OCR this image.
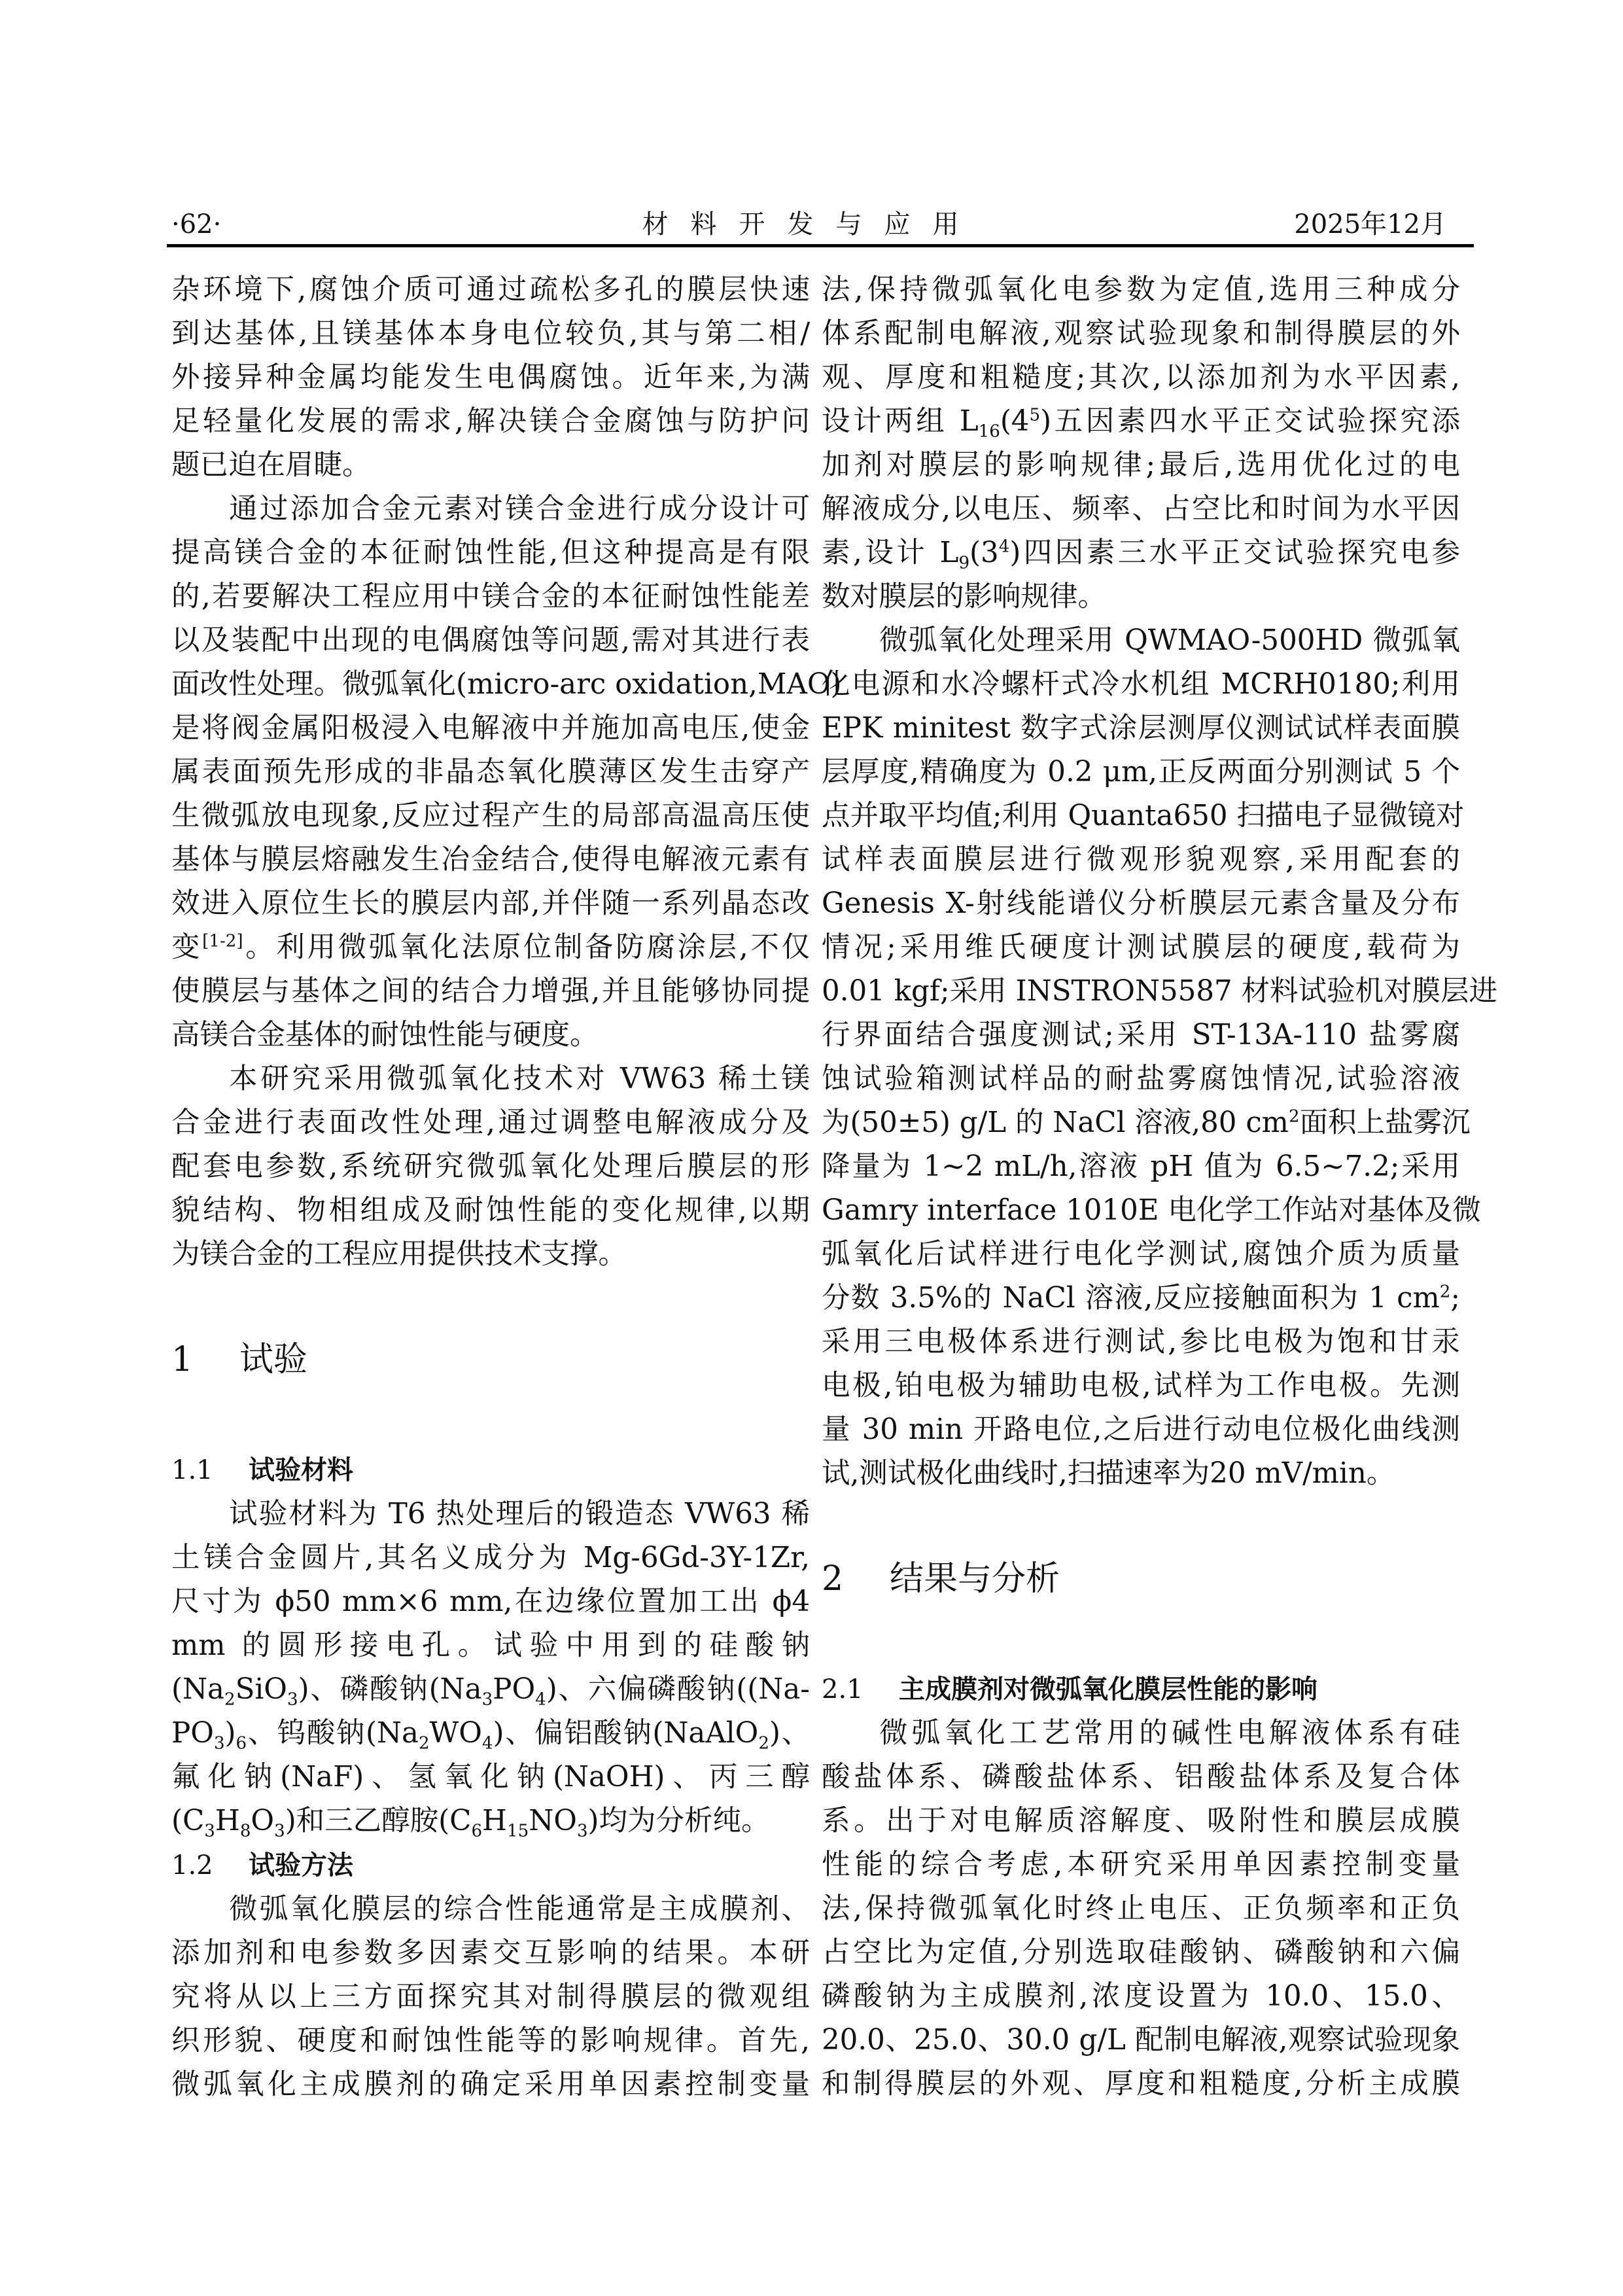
·62·	材料开发与应用	2025年12月
杂环境下,腐蚀介质可通过疏松多孔的膜层快速
到达基体,且镁基体本身电位较负,其与第二相/
外接异种金属均能发生电偶腐蚀。近年来,为满
足轻量化发展的需求,解决镁合金腐蚀与防护问
题已迫在眉睫。
通过添加合金元素对镁合金进行成分设计可
提高镁合金的本征耐蚀性能,但这种提高是有限
的,若要解决工程应用中镁合金的本征耐蚀性能差
以及装配中出现的电偶腐蚀等问题,需对其进行表
面改性处理。微弧氧化(micro-arc oxidation,MAO)
是将阀金属阳极浸入电解液中并施加高电压,使金
属表面预先形成的非晶态氧化膜薄区发生击穿产
生微弧放电现象,反应过程产生的局部高温高压使
基体与膜层熔融发生冶金结合,使得电解液元素有
效进入原位生长的膜层内部,并伴随一系列晶态改
变[1-2]。利用微弧氧化法原位制备防腐涂层,不仅
使膜层与基体之间的结合力增强,并且能够协同提
高镁合金基体的耐蚀性能与硬度。
本研究采用微弧氧化技术对 VW63 稀土镁
合金进行表面改性处理,通过调整电解液成分及
配套电参数,系统研究微弧氧化处理后膜层的形
貌结构、物相组成及耐蚀性能的变化规律,以期
为镁合金的工程应用提供技术支撑。
1 试验
1.1 试验材料
试验材料为 T6 热处理后的锻造态 VW63 稀
土镁合金圆片,其名义成分为 Mg-6Gd-3Y-1Zr,
尺寸为 ϕ50 mm×6 mm,在边缘位置加工出 ϕ4
mm 的圆形接电孔。试验中用到的硅酸钠
$(Na_2SiO_3)$、磷酸钠$(Na_3PO_4)$、六偏磷酸钠((Na-
$PO_3)_6$、钨酸钠$(Na_2WO_4)$、偏铝酸钠(NaAlO$_2$)、
氟化钠(NaF)、氢氧化钠(NaOH)、丙三醇
$(C_3H_8O_3)$和三乙醇胺$(C_6H_{15}NO_3)$均为分析纯。
1.2 试验方法
微弧氧化膜层的综合性能通常是主成膜剂、
添加剂和电参数多因素交互影响的结果。本研
究将从以上三方面探究其对制得膜层的微观组
织形貌、硬度和耐蚀性能等的影响规律。首先,
微弧氧化主成膜剂的确定采用单因素控制变量
法,保持微弧氧化电参数为定值,选用三种成分
体系配制电解液,观察试验现象和制得膜层的外
观、厚度和粗糙度;其次,以添加剂为水平因素,
设计两组 $L_{16}(4^5)$五因素四水平正交试验探究添
加剂对膜层的影响规律;最后,选用优化过的电
解液成分,以电压、频率、占空比和时间为水平因
素,设计 $L_9(3^4)$四因素三水平正交试验探究电参
数对膜层的影响规律。
微弧氧化处理采用 QWMAO-500HD 微弧氧
化电源和水冷螺杆式冷水机组 MCRH0180;利用
EPK minitest 数字式涂层测厚仪测试试样表面膜
层厚度,精确度为 0.2 μm,正反两面分别测试 5 个
点并取平均值;利用 Quanta650 扫描电子显微镜对
试样表面膜层进行微观形貌观察,采用配套的
Genesis X-射线能谱仪分析膜层元素含量及分布
情况;采用维氏硬度计测试膜层的硬度,载荷为
0.01 kgf;采用 INSTRON5587 材料试验机对膜层进
行界面结合强度测试;采用 ST-13A-110 盐雾腐
蚀试验箱测试样品的耐盐雾腐蚀情况,试验溶液
为(50±5) g/L 的 NaCl 溶液,80 $cm^2$面积上盐雾沉
降量为 1~2 mL/h,溶液 pH 值为 6.5~7.2;采用
Gamry interface 1010E 电化学工作站对基体及微
弧氧化后试样进行电化学测试,腐蚀介质为质量
分数 3.5%的 NaCl 溶液,反应接触面积为 1 $cm^2$;
采用三电极体系进行测试,参比电极为饱和甘汞
电极,铂电极为辅助电极,试样为工作电极。先测
量 30 min 开路电位,之后进行动电位极化曲线测
试,测试极化曲线时,扫描速率为20 mV/min。
2 结果与分析
2.1 主成膜剂对微弧氧化膜层性能的影响
微弧氧化工艺常用的碱性电解液体系有硅
酸盐体系、磷酸盐体系、铝酸盐体系及复合体
系。出于对电解质溶解度、吸附性和膜层成膜
性能的综合考虑,本研究采用单因素控制变量
法,保持微弧氧化时终止电压、正负频率和正负
占空比为定值,分别选取硅酸钠、磷酸钠和六偏
磷酸钠为主成膜剂,浓度设置为 10.0、15.0、
20.0、25.0、30.0 g/L 配制电解液,观察试验现象
和制得膜层的外观、厚度和粗糙度,分析主成膜
